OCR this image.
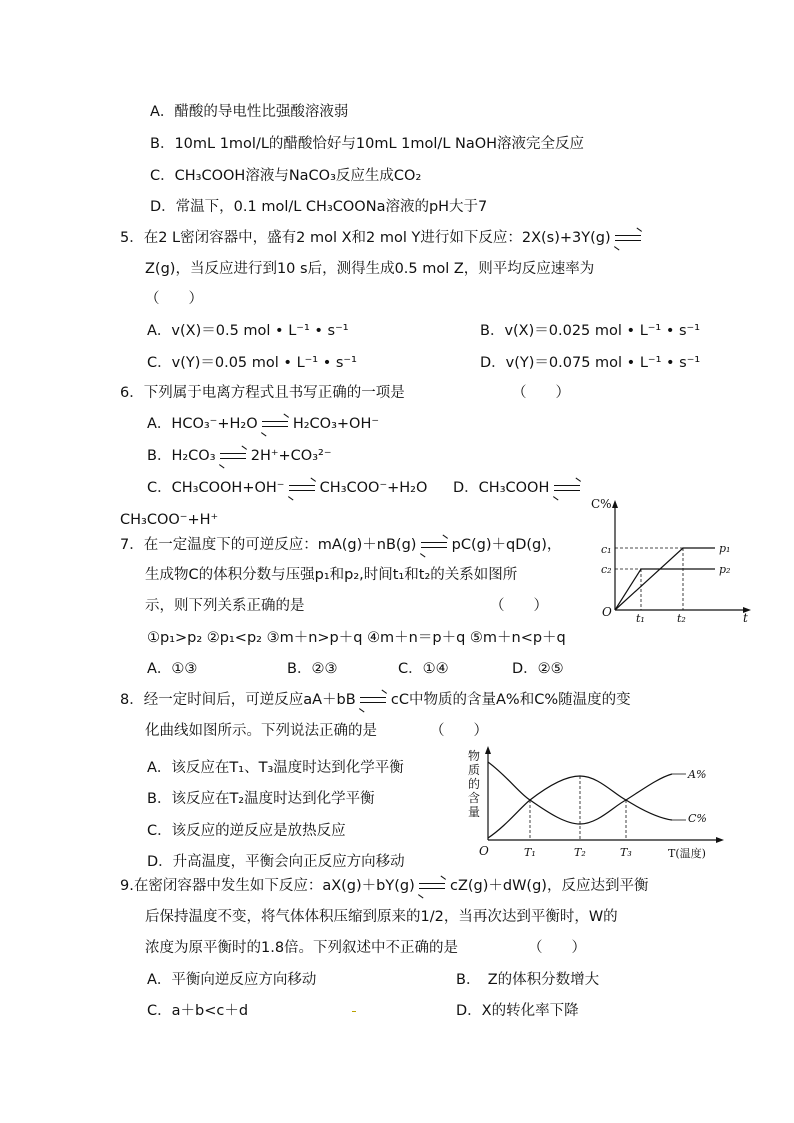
A．醋酸的导电性比强酸溶液弱
B．10mL 1mol/L的醋酸恰好与10mL 1mol/L NaOH溶液完全反应
C．CH₃COOH溶液与NaCO₃反应生成CO₂
D．常温下，0.1 mol/L CH₃COONa溶液的pH大于7
5．在2 L密闭容器中，盛有2 mol X和2 mol Y进行如下反应：2X(s)+3Y(g) →
Z(g)，当反应进行到10 s后，测得生成0.5 mol Z，则平均反应速率为
（　　）
A．v(X)＝0.5 mol • L⁻¹ • s⁻¹	B．v(X)＝0.025 mol • L⁻¹ • s⁻¹
C．v(Y)＝0.05 mol • L⁻¹ • s⁻¹	D．v(Y)＝0.075 mol • L⁻¹ • s⁻¹
6．下列属于电离方程式且书写正确的一项是	（　　）
A．HCO₃⁻+H₂O → H₂CO₃+OH⁻
B．H₂CO₃ → 2H⁺+CO₃²⁻
C．CH₃COOH+OH⁻ → CH₃COO⁻+H₂O D．CH₃COOH →
CH₃COO⁻+H⁺
7．在一定温度下的可逆反应：mA(g)＋nB(g) → pC(g)＋qD(g)，
生成物C的体积分数与压强p₁和p₂,时间t₁和t₂的关系如图所
示，则下列关系正确的是	（　　）
①p₁>p₂ ②p₁<p₂ ③m＋n>p＋q ④m＋n＝p＋q ⑤m＋n<p＋q
A．①③	B．②③	C．①④	D．②⑤
C%
c₁
c₂
p₁
p₂
O t₁	t₂	t
8．经一定时间后，可逆反应aA＋bB → cC中物质的含量A%和C%随温度的变
化曲线如图所示。下列说法正确的是	（　　）
A．该反应在T₁、T₃温度时达到化学平衡
B．该反应在T₂温度时达到化学平衡
C．该反应的逆反应是放热反应
D．升高温度，平衡会向正反应方向移动
物
质
的
含
量
A%
C%
O	T₁	T₂	T₃	T(温度)
9.在密闭容器中发生如下反应：aX(g)＋bY(g) → cZ(g)＋dW(g)，反应达到平衡
后保持温度不变，将气体体积压缩到原来的1/2，当再次达到平衡时，W的
浓度为原平衡时的1.8倍。下列叙述中不正确的是	（　　）
A．平衡向逆反应方向移动	B．　Z的体积分数增大
C．a＋b<c＋d	D．X的转化率下降
